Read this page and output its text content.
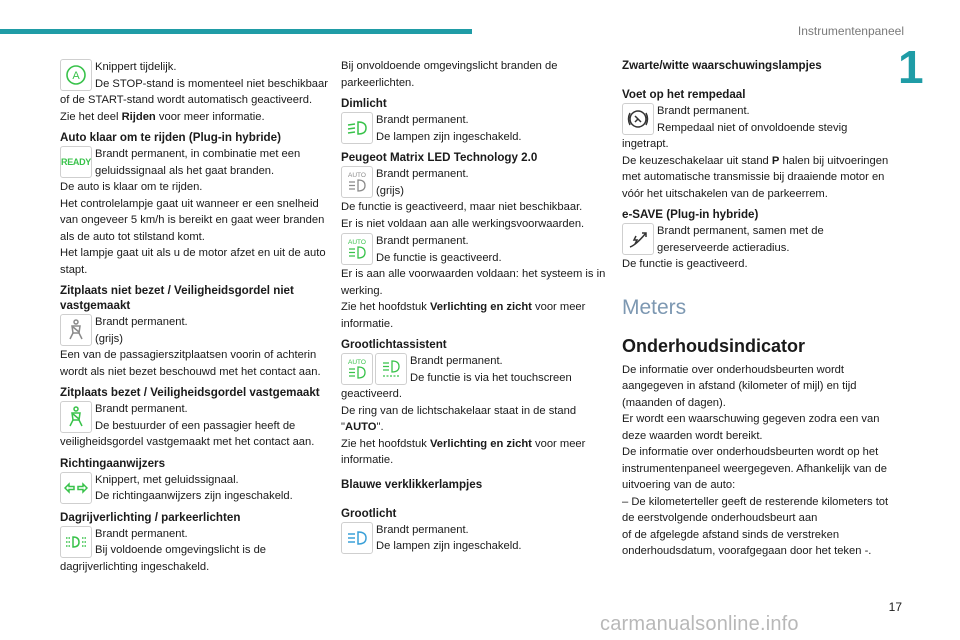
Instrumentenpaneel
1
A

Knippert tijdelijk.

De STOP-stand is momenteel niet beschikbaar of de START-stand wordt automatisch geactiveerd.

Zie het deel Rijden voor meer informatie.

Auto klaar om te rijden (Plug-in hybride)
READY

Brandt permanent, in combinatie met een geluidssignaal als het gaat branden.

De auto is klaar om te rijden.

Het controlelampje gaat uit wanneer er een snelheid van ongeveer 5 km/h is bereikt en gaat weer branden als de auto tot stilstand komt.

Het lampje gaat uit als u de motor afzet en uit de auto stapt.

Zitplaats niet bezet / Veiligheidsgordel niet vastgemaakt

Brandt permanent.

(grijs)

Een van de passagierszitplaatsen voorin of achterin wordt als niet bezet beschouwd met het contact aan.

Zitplaats bezet / Veiligheidsgordel vastgemaakt

Brandt permanent.

De bestuurder of een passagier heeft de veiligheidsgordel vastgemaakt met het contact aan.

Richtingaanwijzers

Knippert, met geluidssignaal.

De richtingaanwijzers zijn ingeschakeld.

Dagrijverlichting / parkeerlichten

Brandt permanent.

Bij voldoende omgevingslicht is de dagrijverlichting ingeschakeld.

Bij onvoldoende omgevingslicht branden de parkeerlichten.

Dimlicht

Brandt permanent.

De lampen zijn ingeschakeld.

Peugeot Matrix LED Technology 2.0
AUTO Brandt permanent.

(grijs)

De functie is geactiveerd, maar niet beschikbaar.

Er is niet voldaan aan alle werkingsvoorwaarden.

AUTO Brandt permanent.

De functie is geactiveerd.

Er is aan alle voorwaarden voldaan: het systeem is in werking.

Zie het hoofdstuk Verlichting en zicht voor meer informatie.

Grootlichtassistent
AUTO	Brandt permanent.

De functie is via het touchscreen geactiveerd.

De ring van de lichtschakelaar staat in de stand

"AUTO".

Zie het hoofdstuk Verlichting en zicht voor meer informatie.

Blauwe verklikkerlampjes
Grootlicht

Brandt permanent.

De lampen zijn ingeschakeld.

Zwarte/witte waarschuwingslampjes
Voet op het rempedaal

Brandt permanent.

Rempedaal niet of onvoldoende stevig ingetrapt.

De keuzeschakelaar uit stand P halen bij uitvoeringen met automatische transmissie bij draaiende motor en vóór het uitschakelen van de parkeerrem.

e-SAVE (Plug-in hybride)

Brandt permanent, samen met de gereserveerde actieradius.

De functie is geactiveerd.

Meters
Onderhoudsindicator

De informatie over onderhoudsbeurten wordt aangegeven in afstand (kilometer of mijl) en tijd (maanden of dagen).

Er wordt een waarschuwing gegeven zodra een van deze waarden wordt bereikt.

De informatie over onderhoudsbeurten wordt op het instrumentenpaneel weergegeven. Afhankelijk van de uitvoering van de auto:

– De kilometerteller geeft de resterende kilometers tot de eerstvolgende onderhoudsbeurt aan

of de afgelegde afstand sinds de verstreken onderhoudsdatum, voorafgegaan door het teken -.

17
carmanualsonline.info
